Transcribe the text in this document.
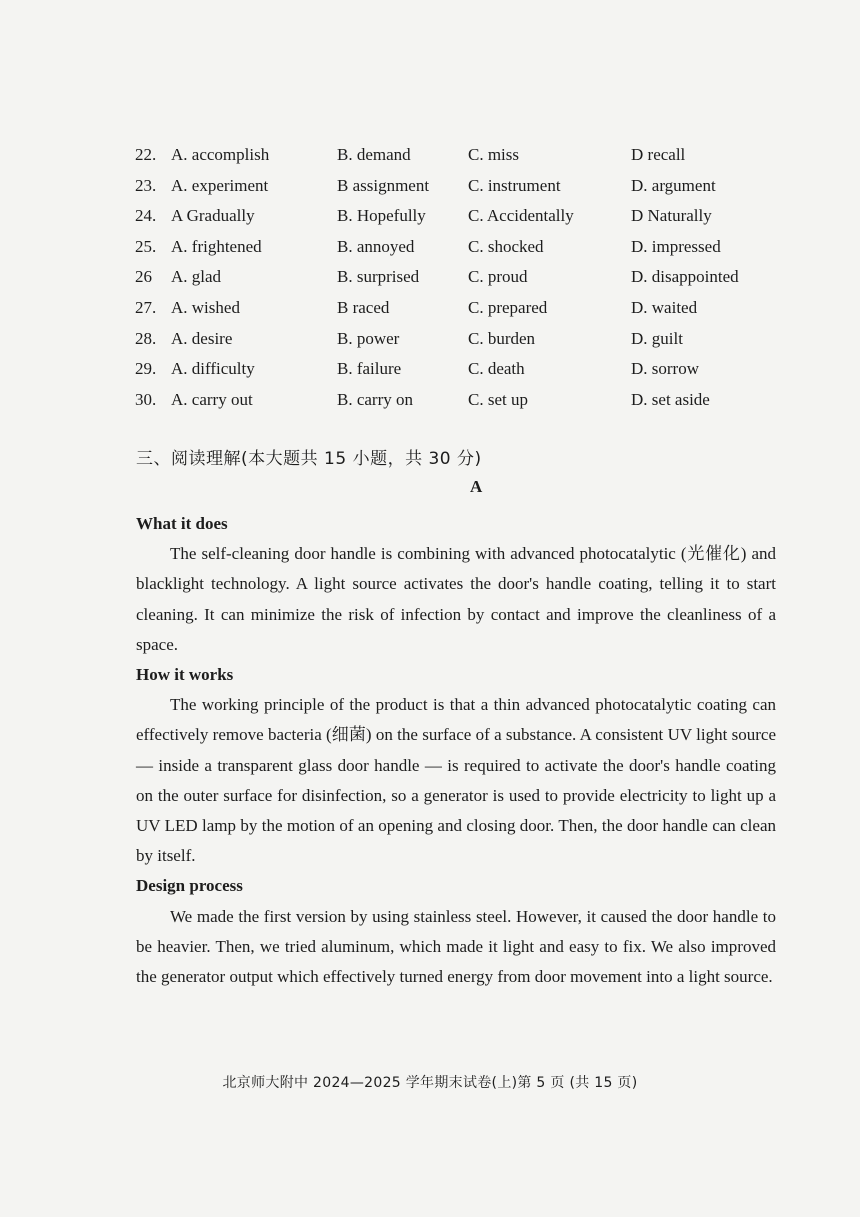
22. A. accomplish	B. demand	C. miss	D recall
23. A. experiment	B assignment C. instrument	D. argument
24. A Gradually	B. Hopefully C. Accidentally	D Naturally
25. A. frightened	B. annoyed	C. shocked	D. impressed
26 A. glad	B. surprised	C. proud	D. disappointed
27. A. wished	B raced	C. prepared	D. waited
28. A. desire	B. power	C. burden	D. guilt
29. A. difficulty	B. failure	C. death	D. sorrow
30. A. carry out	B. carry on	C. set up	D. set aside
三、阅读理解(本大题共 15 小题，共 30 分)
A
What it does

The self-cleaning door handle is combining with advanced photocatalytic (光催化) and blacklight technology. A light source activates the door's handle coating, telling it to start cleaning. It can minimize the risk of infection by contact and improve the cleanliness of a space.

How it works

The working principle of the product is that a thin advanced photocatalytic coating can effectively remove bacteria (细菌) on the surface of a substance. A consistent UV light source — inside a transparent glass door handle — is required to activate the door's handle coating on the outer surface for disinfection, so a generator is used to provide electricity to light up a UV LED lamp by the motion of an opening and closing door. Then, the door handle can clean by itself.

Design process

We made the first version by using stainless steel. However, it caused the door handle to be heavier. Then, we tried aluminum, which made it light and easy to fix. We also improved the generator output which effectively turned energy from door movement into a light source.

北京师大附中 2024—2025 学年期末试卷(上)第 5 页 (共 15 页)
